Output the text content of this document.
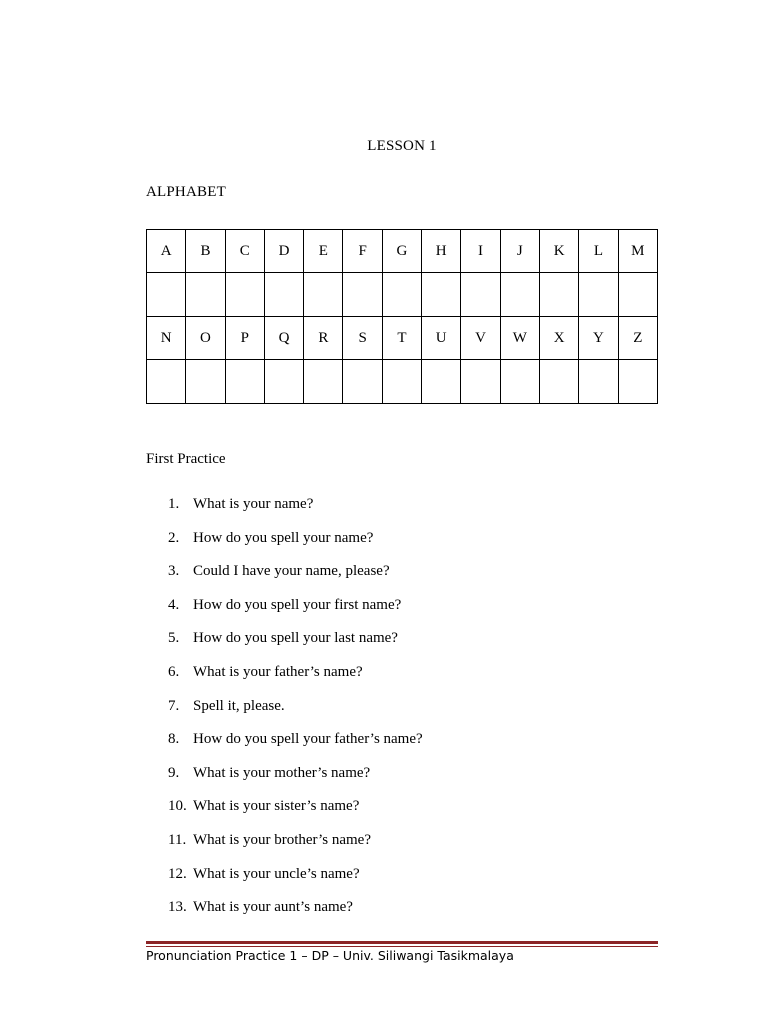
LESSON 1
ALPHABET
A	B	C	D	E	F	G	H	I	J	K	L	M

N	O	P	Q	R	S	T	U	V	W	X	Y	Z

First Practice
1. What is your name?
2. How do you spell your name?
3. Could I have your name, please?
4. How do you spell your first name?
5. How do you spell your last name?
6. What is your father’s name?
7. Spell it, please.
8. How do you spell your father’s name?
9. What is your mother’s name?
10. What is your sister’s name?
11. What is your brother’s name?
12. What is your uncle’s name?
13. What is your aunt’s name?
Pronunciation Practice 1 – DP – Univ. Siliwangi Tasikmalaya
